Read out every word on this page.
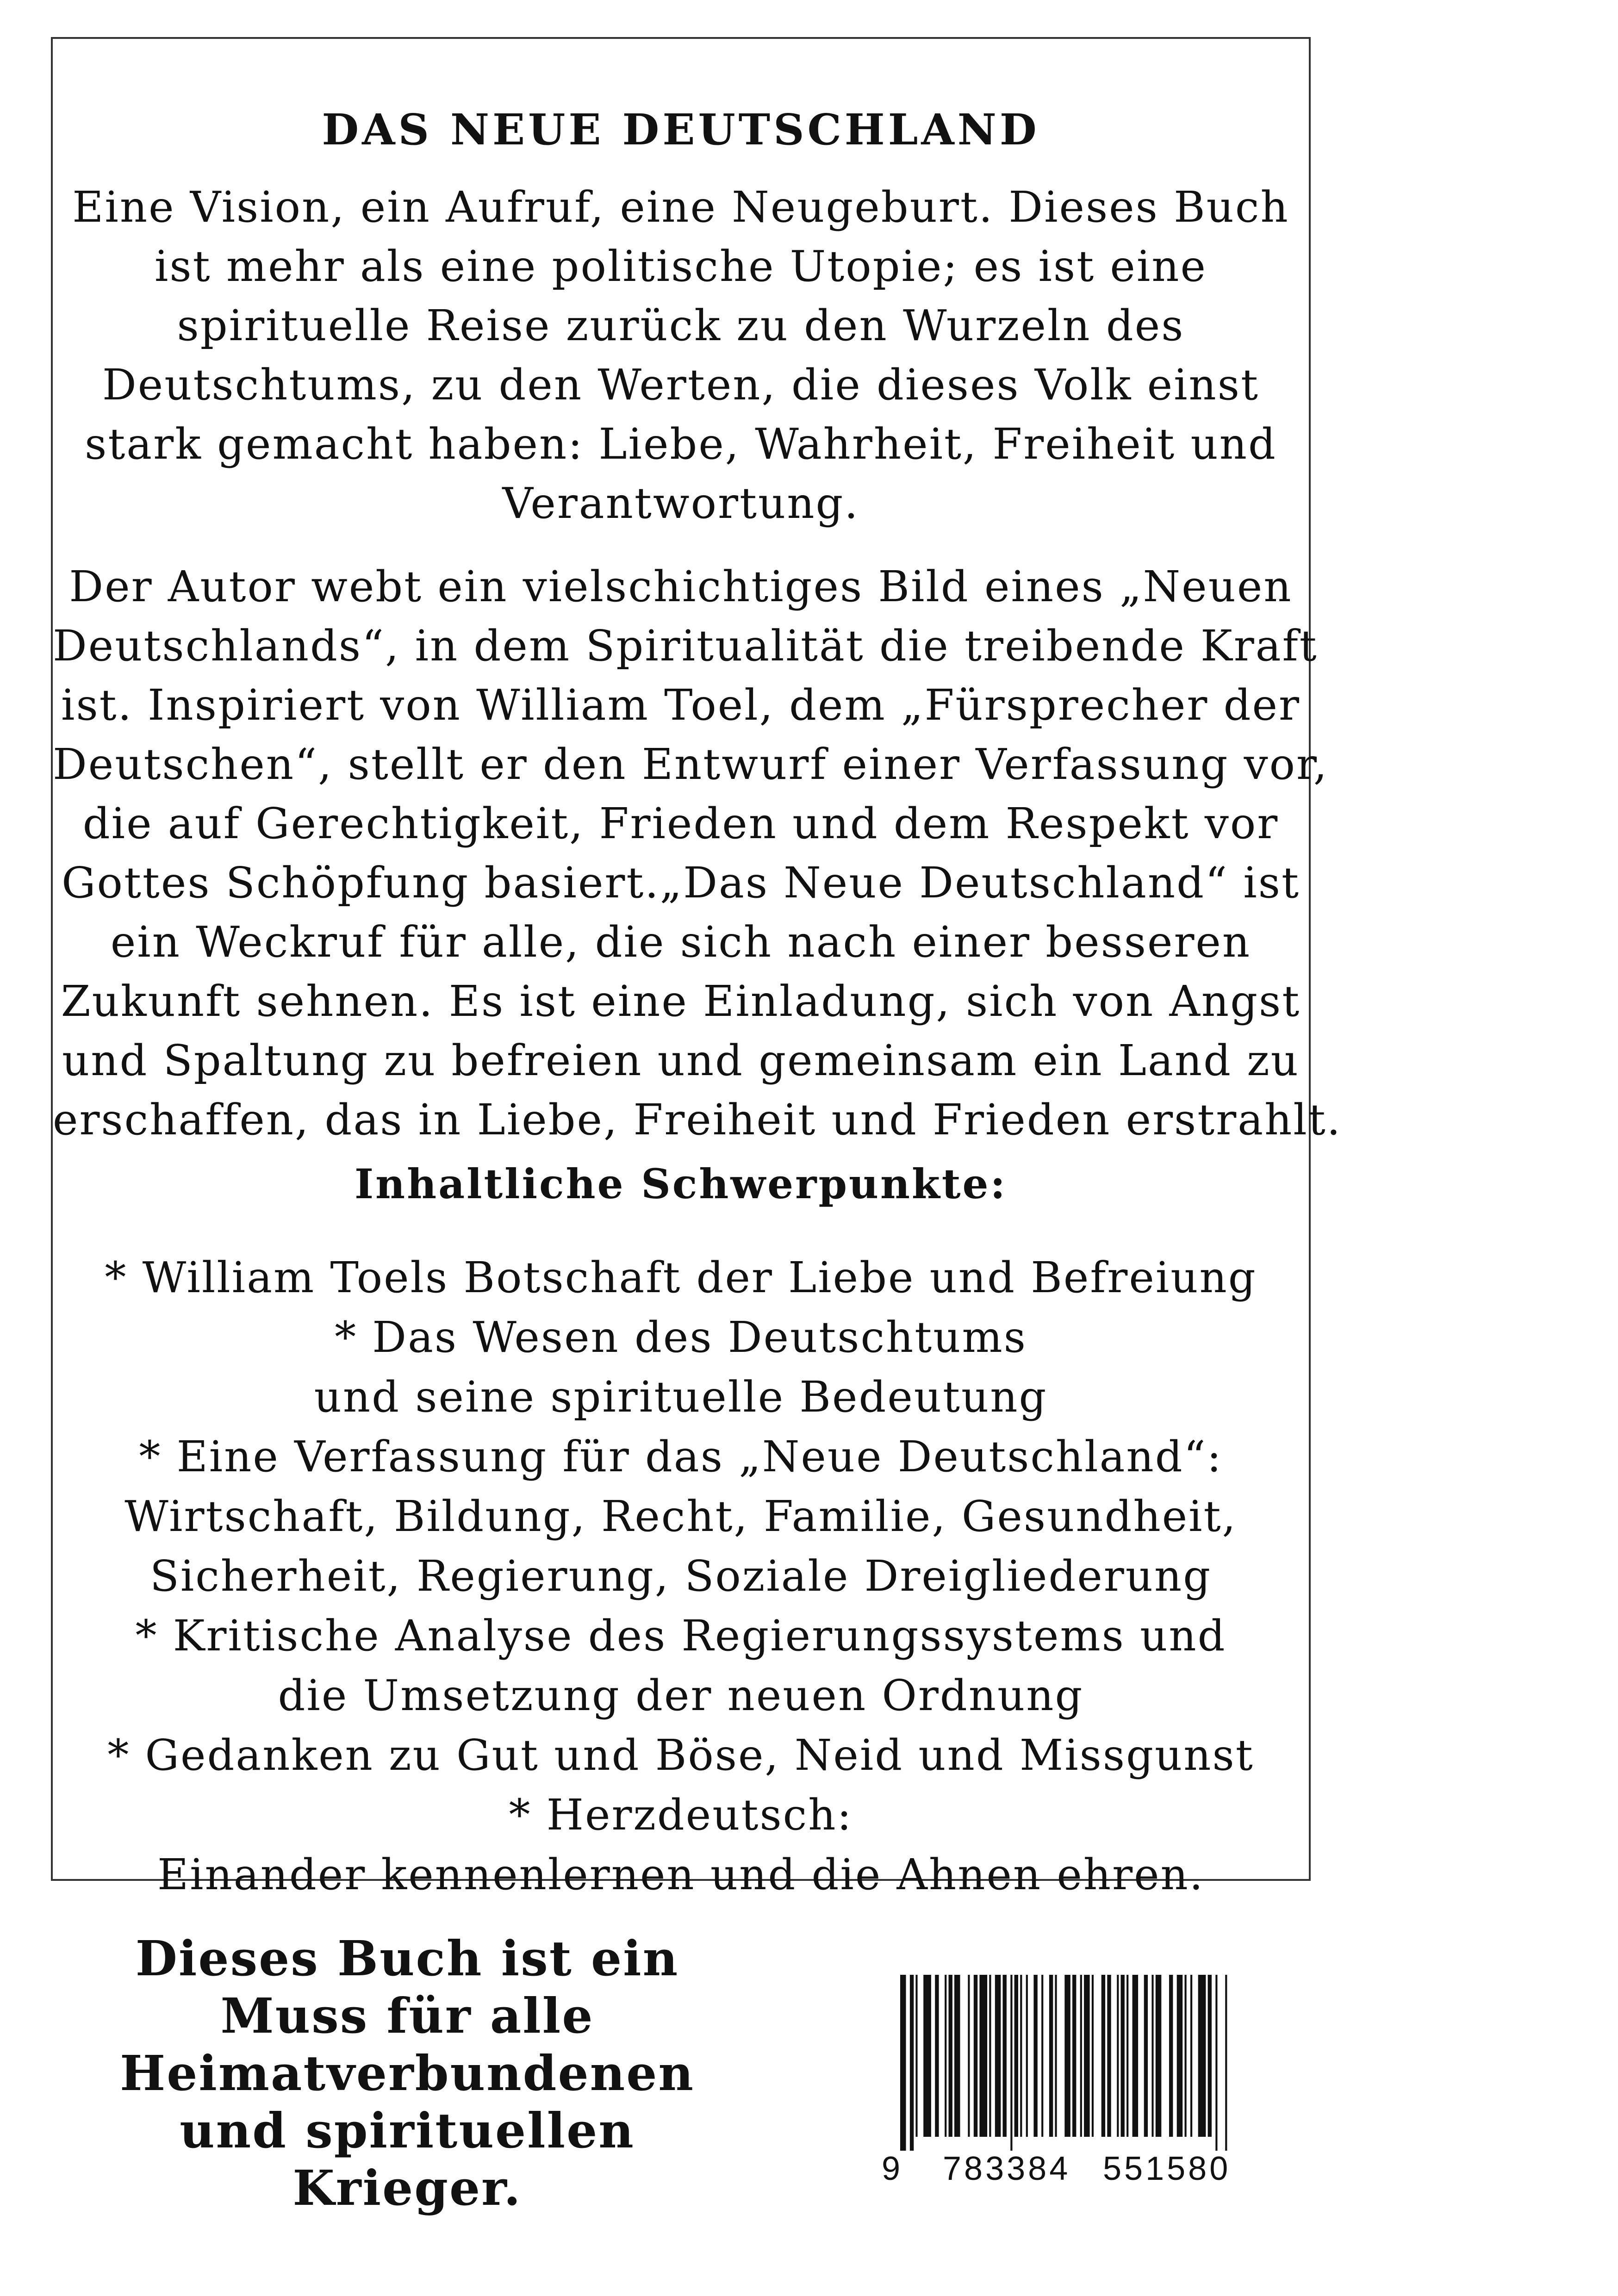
DAS NEUE DEUTSCHLAND
Eine Vision, ein Aufruf, eine Neugeburt. Dieses Buch
ist mehr als eine politische Utopie; es ist eine
spirituelle Reise zurück zu den Wurzeln des
Deutschtums, zu den Werten, die dieses Volk einst
stark gemacht haben: Liebe, Wahrheit, Freiheit und
Verantwortung.
Der Autor webt ein vielschichtiges Bild eines „Neuen
Deutschlands“, in dem Spiritualität die treibende Kraft
ist. Inspiriert von William Toel, dem „Fürsprecher der
Deutschen“, stellt er den Entwurf einer Verfassung vor,
die auf Gerechtigkeit, Frieden und dem Respekt vor
Gottes Schöpfung basiert.„Das Neue Deutschland“ ist
ein Weckruf für alle, die sich nach einer besseren
Zukunft sehnen. Es ist eine Einladung, sich von Angst
und Spaltung zu befreien und gemeinsam ein Land zu
erschaffen, das in Liebe, Freiheit und Frieden erstrahlt.
Inhaltliche Schwerpunkte:
* William Toels Botschaft der Liebe und Befreiung
* Das Wesen des Deutschtums
und seine spirituelle Bedeutung
* Eine Verfassung für das „Neue Deutschland“:
Wirtschaft, Bildung, Recht, Familie, Gesundheit,
Sicherheit, Regierung, Soziale Dreigliederung
* Kritische Analyse des Regierungssystems und
die Umsetzung der neuen Ordnung
* Gedanken zu Gut und Böse, Neid und Missgunst
* Herzdeutsch:
Einander kennenlernen und die Ahnen ehren.
Dieses Buch ist ein
Muss für alle
Heimatverbundenen
und spirituellen
Krieger.	9 783384 551580
